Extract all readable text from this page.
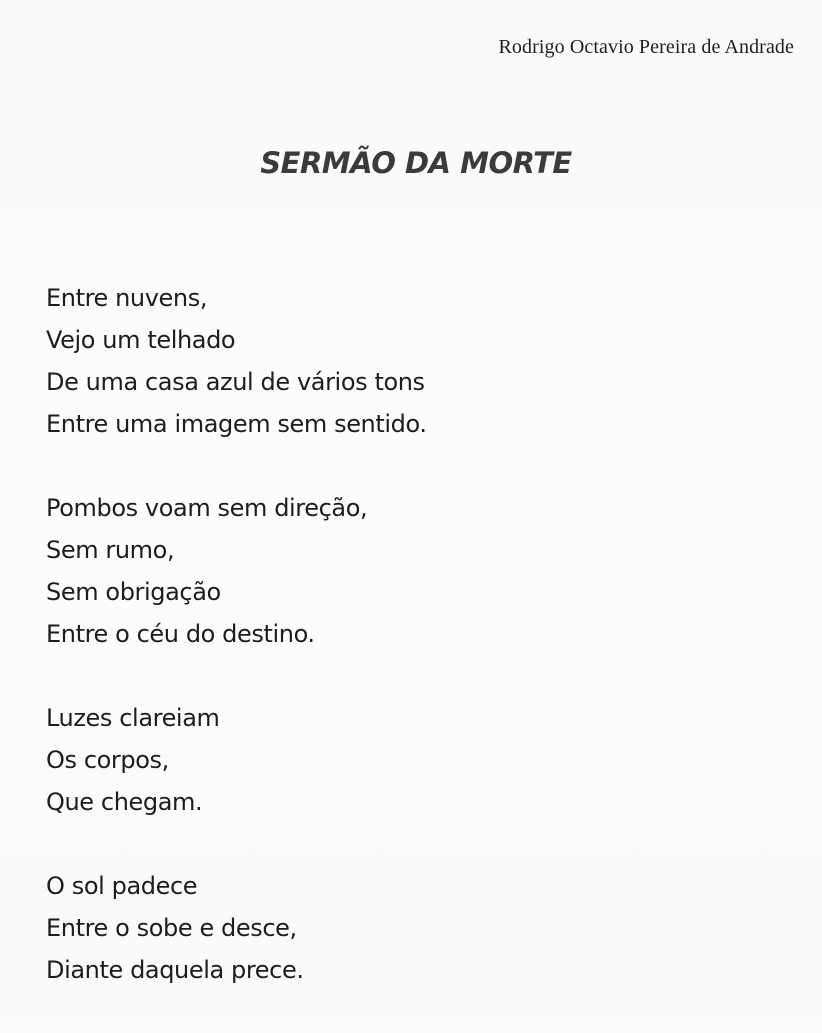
Rodrigo Octavio Pereira de Andrade
SERMÃO DA MORTE
Entre nuvens,
Vejo um telhado
De uma casa azul de vários tons
Entre uma imagem sem sentido.
Pombos voam sem direção,
Sem rumo,
Sem obrigação
Entre o céu do destino.
Luzes clareiam
Os corpos,
Que chegam.
O sol padece
Entre o sobe e desce,
Diante daquela prece.
